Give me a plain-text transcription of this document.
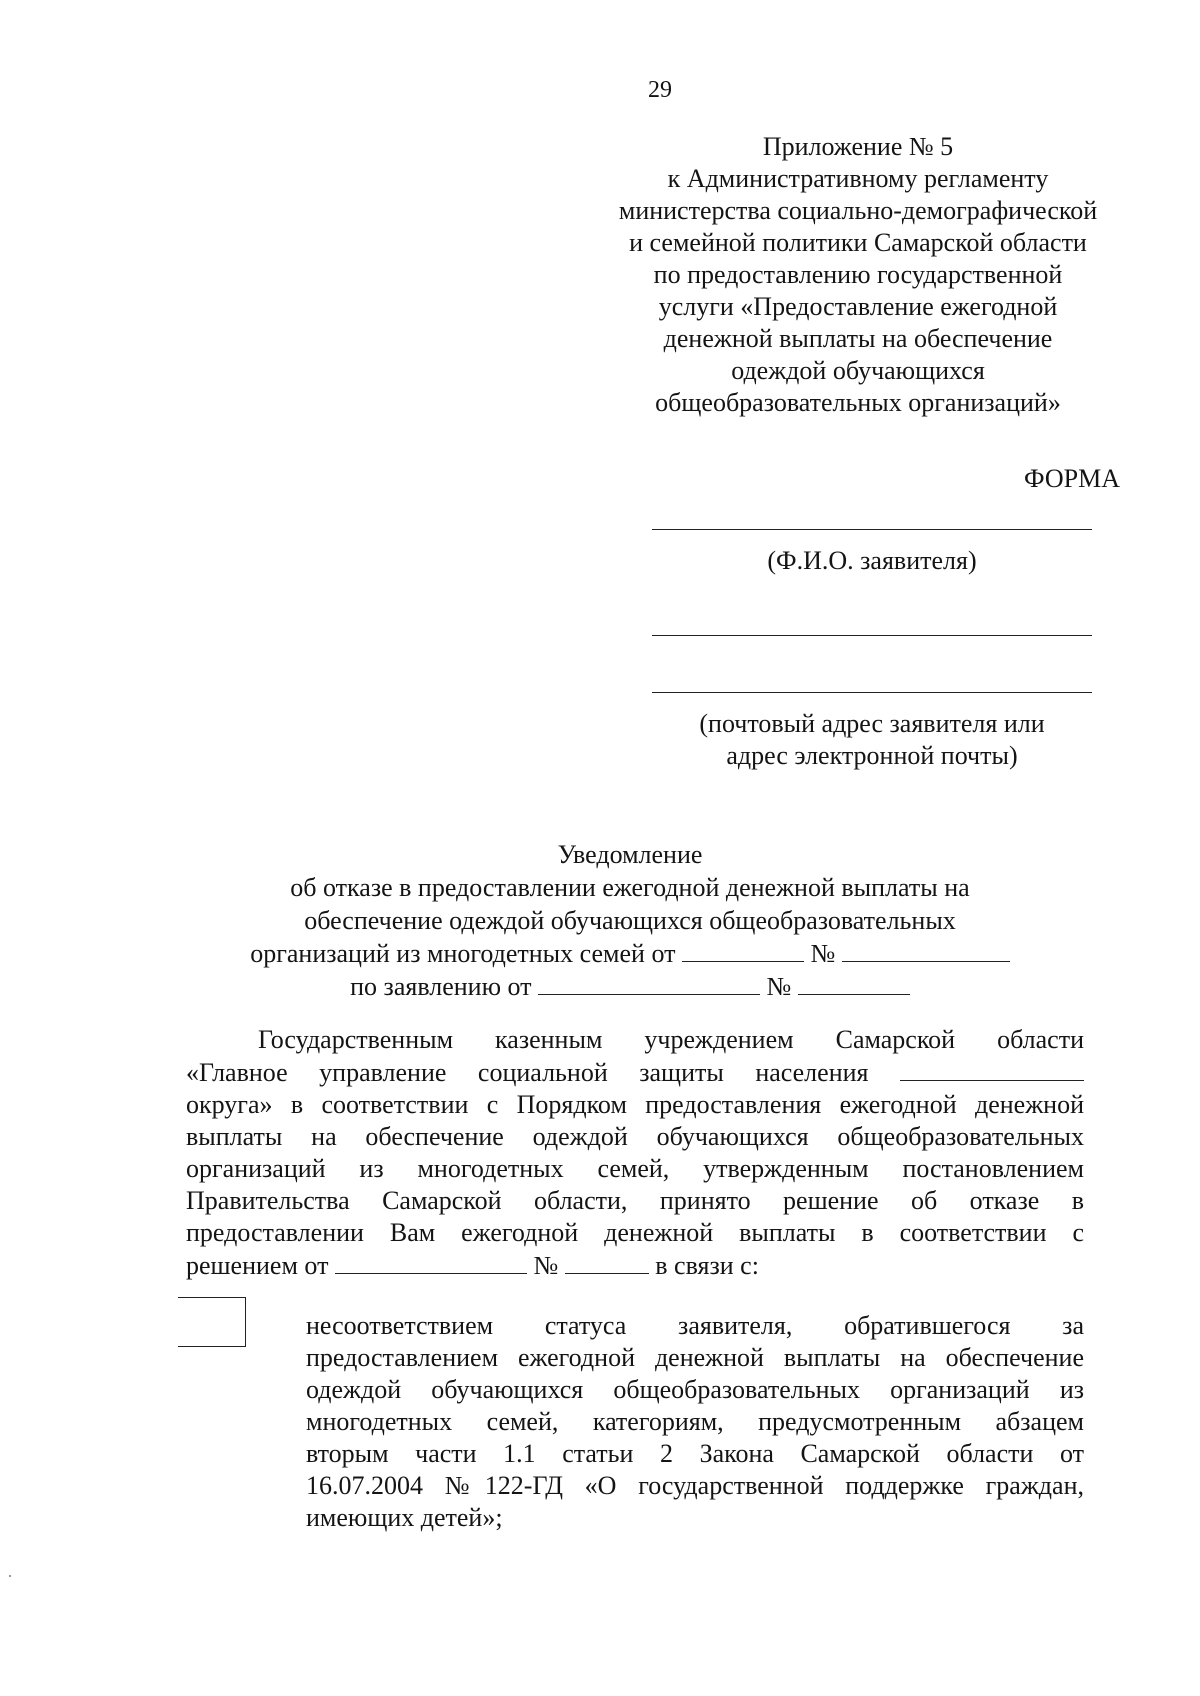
29
Приложение № 5
к Административному регламенту
министерства социально-демографической
и семейной политики Самарской области
по предоставлению государственной
услуги «Предоставление ежегодной
денежной выплаты на обеспечение
одеждой обучающихся
общеобразовательных организаций»
ФОРМА
(Ф.И.О. заявителя)
(почтовый адрес заявителя или
адрес электронной почты)
Уведомление
об отказе в предоставлении ежегодной денежной выплаты на
обеспечение одеждой обучающихся общеобразовательных
организаций из многодетных семей от	№
по заявлению от	№
Государственным казенным учреждением Самарской области
«Главное управление социальной защиты населения
округа» в соответствии с Порядком предоставления ежегодной денежной
выплаты на обеспечение одеждой обучающихся общеобразовательных
организаций из многодетных семей, утвержденным постановлением
Правительства Самарской области, принято решение об отказе в
предоставлении Вам ежегодной денежной выплаты в соответствии с
решением от	№	в связи с:
несоответствием статуса заявителя, обратившегося за
предоставлением ежегодной денежной выплаты на обеспечение
одеждой обучающихся общеобразовательных организаций из
многодетных семей, категориям, предусмотренным абзацем
вторым части 1.1 статьи 2 Закона Самарской области от
16.07.2004 №122-ГД «О государственной поддержке граждан,
имеющих детей»;
